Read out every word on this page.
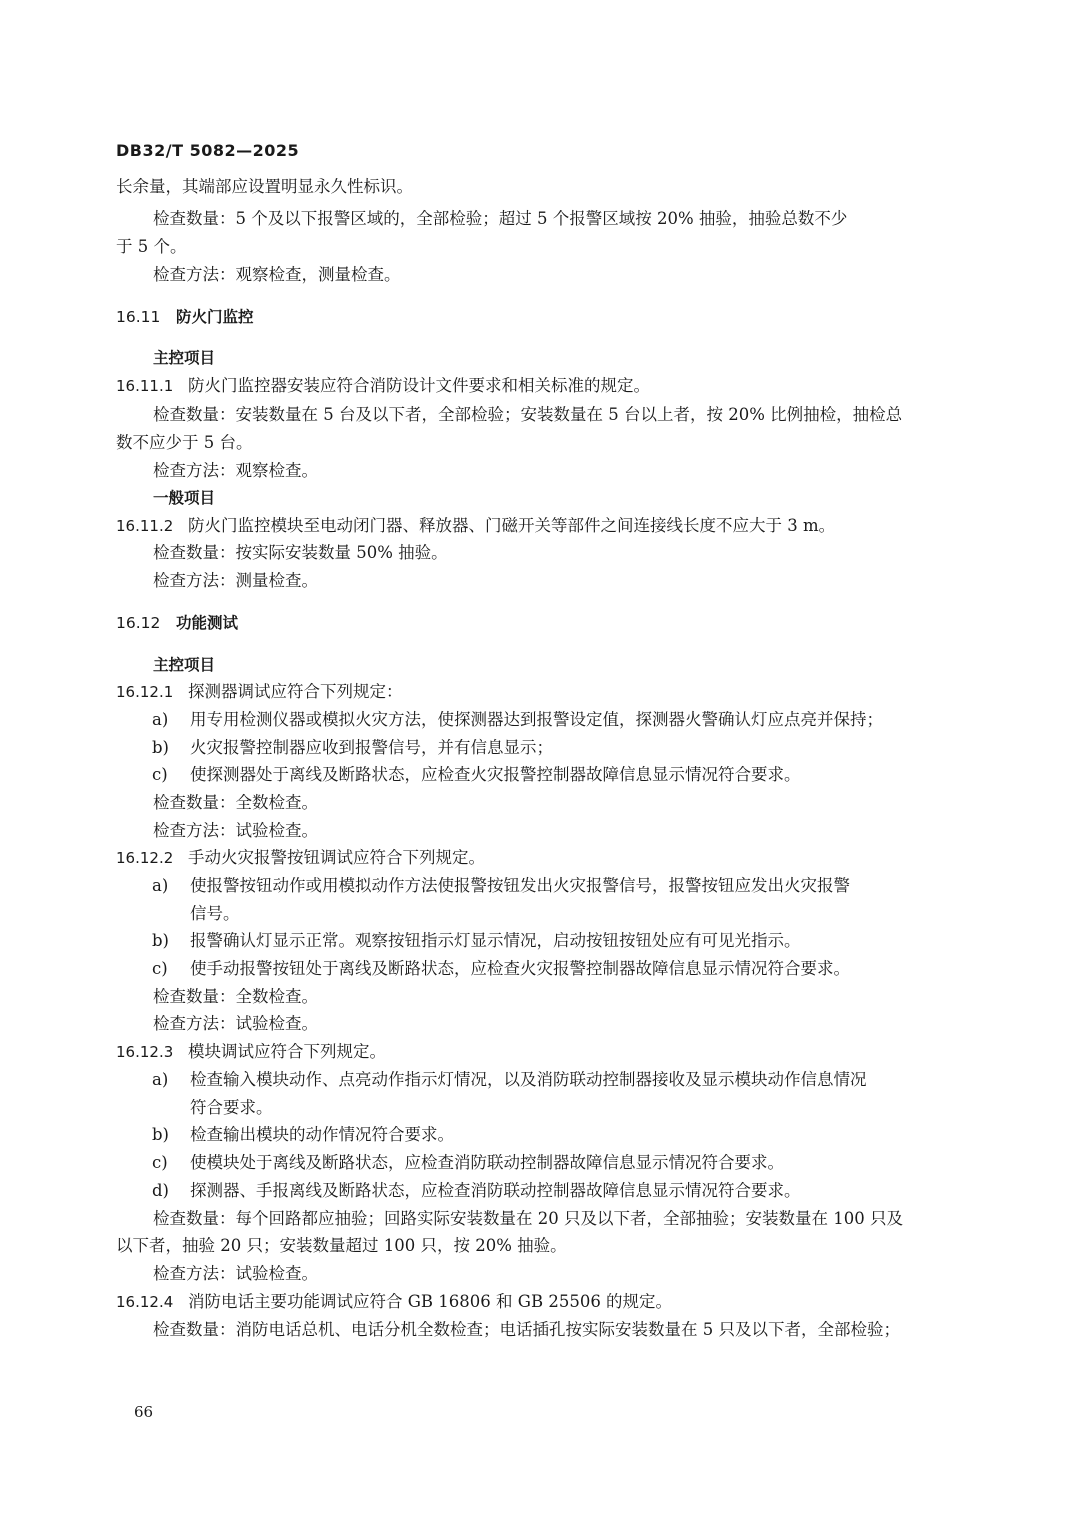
DB32/T 5082—2025
长余量，其端部应设置明显永久性标识。
检查数量：5 个及以下报警区域的，全部检验；超过 5 个报警区域按 20% 抽验，抽验总数不少
于 5 个。
检查方法：观察检查，测量检查。
16.11 防火门监控
主控项目
16.11.1 防火门监控器安装应符合消防设计文件要求和相关标准的规定。
检查数量：安装数量在 5 台及以下者，全部检验；安装数量在 5 台以上者，按 20% 比例抽检，抽检总
数不应少于 5 台。
检查方法：观察检查。
一般项目
16.11.2 防火门监控模块至电动闭门器、释放器、门磁开关等部件之间连接线长度不应大于 3 m。
检查数量：按实际安装数量 50% 抽验。
检查方法：测量检查。
16.12 功能测试
主控项目
16.12.1 探测器调试应符合下列规定：
a) 用专用检测仪器或模拟火灾方法，使探测器达到报警设定值，探测器火警确认灯应点亮并保持；
b) 火灾报警控制器应收到报警信号，并有信息显示；
c) 使探测器处于离线及断路状态，应检查火灾报警控制器故障信息显示情况符合要求。
检查数量：全数检查。
检查方法：试验检查。
16.12.2 手动火灾报警按钮调试应符合下列规定。
a) 使报警按钮动作或用模拟动作方法使报警按钮发出火灾报警信号，报警按钮应发出火灾报警
信号。
b) 报警确认灯显示正常。观察按钮指示灯显示情况，启动按钮按钮处应有可见光指示。
c) 使手动报警按钮处于离线及断路状态，应检查火灾报警控制器故障信息显示情况符合要求。
检查数量：全数检查。
检查方法：试验检查。
16.12.3 模块调试应符合下列规定。
a) 检查输入模块动作、点亮动作指示灯情况，以及消防联动控制器接收及显示模块动作信息情况
符合要求。
b) 检查输出模块的动作情况符合要求。
c) 使模块处于离线及断路状态，应检查消防联动控制器故障信息显示情况符合要求。
d) 探测器、手报离线及断路状态，应检查消防联动控制器故障信息显示情况符合要求。
检查数量：每个回路都应抽验；回路实际安装数量在 20 只及以下者，全部抽验；安装数量在 100 只及
以下者，抽验 20 只；安装数量超过 100 只，按 20% 抽验。
检查方法：试验检查。
16.12.4 消防电话主要功能调试应符合 GB 16806 和 GB 25506 的规定。
检查数量：消防电话总机、电话分机全数检查；电话插孔按实际安装数量在 5 只及以下者，全部检验；
66
